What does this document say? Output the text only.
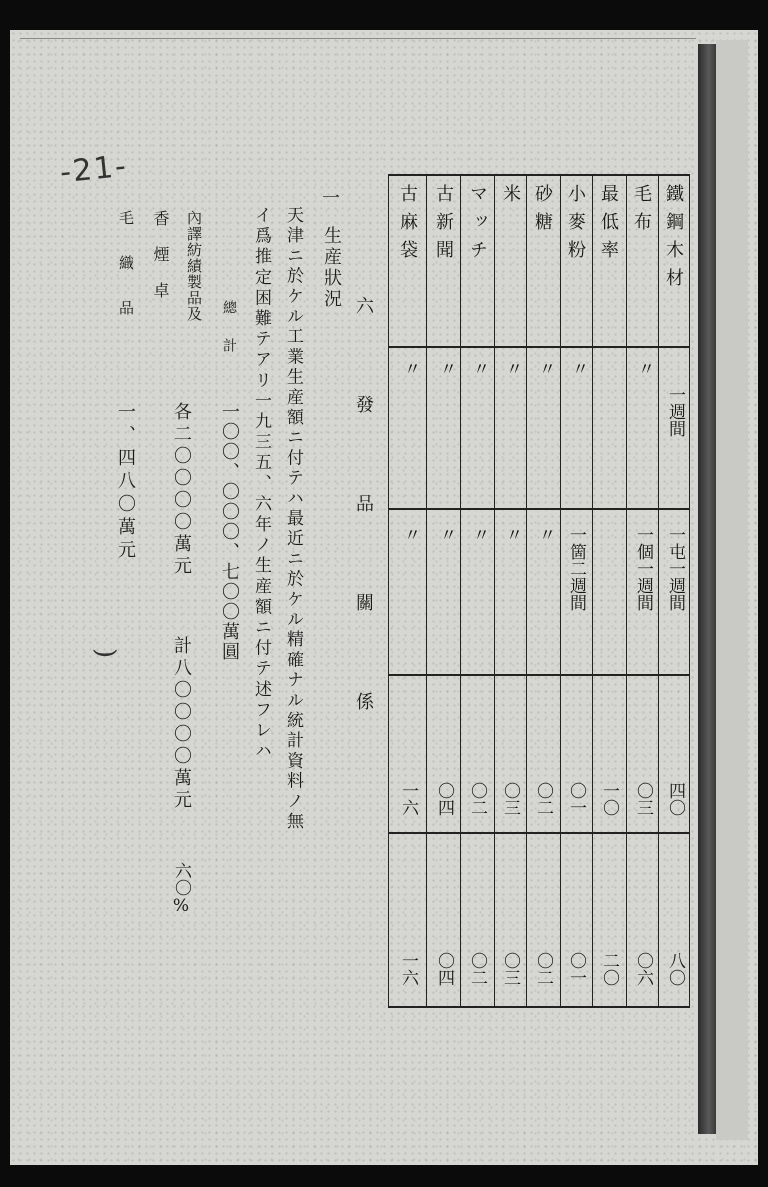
-21-
鐵鋼木材
一週間
一屯一週間
四〇
八〇
毛布
〃
一個一週間
〇三
〇六
最低率
一〇
二〇
小麥粉
〃
一箇二週間
〇一
〇一
砂糖
〃
〃
〇二
〇二
米
〃
〃
〇三
〇三
マッチ
〃
〃
〇二
〇二
古新聞
〃
〃
〇四
〇四
古麻袋
〃
〃
一六
一六
六 發 品 關 係
一
生産狀況
天津ニ於ケル工業生産額ニ付テハ最近ニ於ケル精確ナル統計資料ノ無
イ爲推定困難テアリ一九三五、六年ノ生産額ニ付テ述フレハ
總計
一〇〇、〇〇〇、七〇〇萬圓
內譯紡績製品及
香煙卓
各二〇〇〇〇萬元
計八〇〇〇〇萬元
六〇%
毛織品
一、四八〇萬元
(
